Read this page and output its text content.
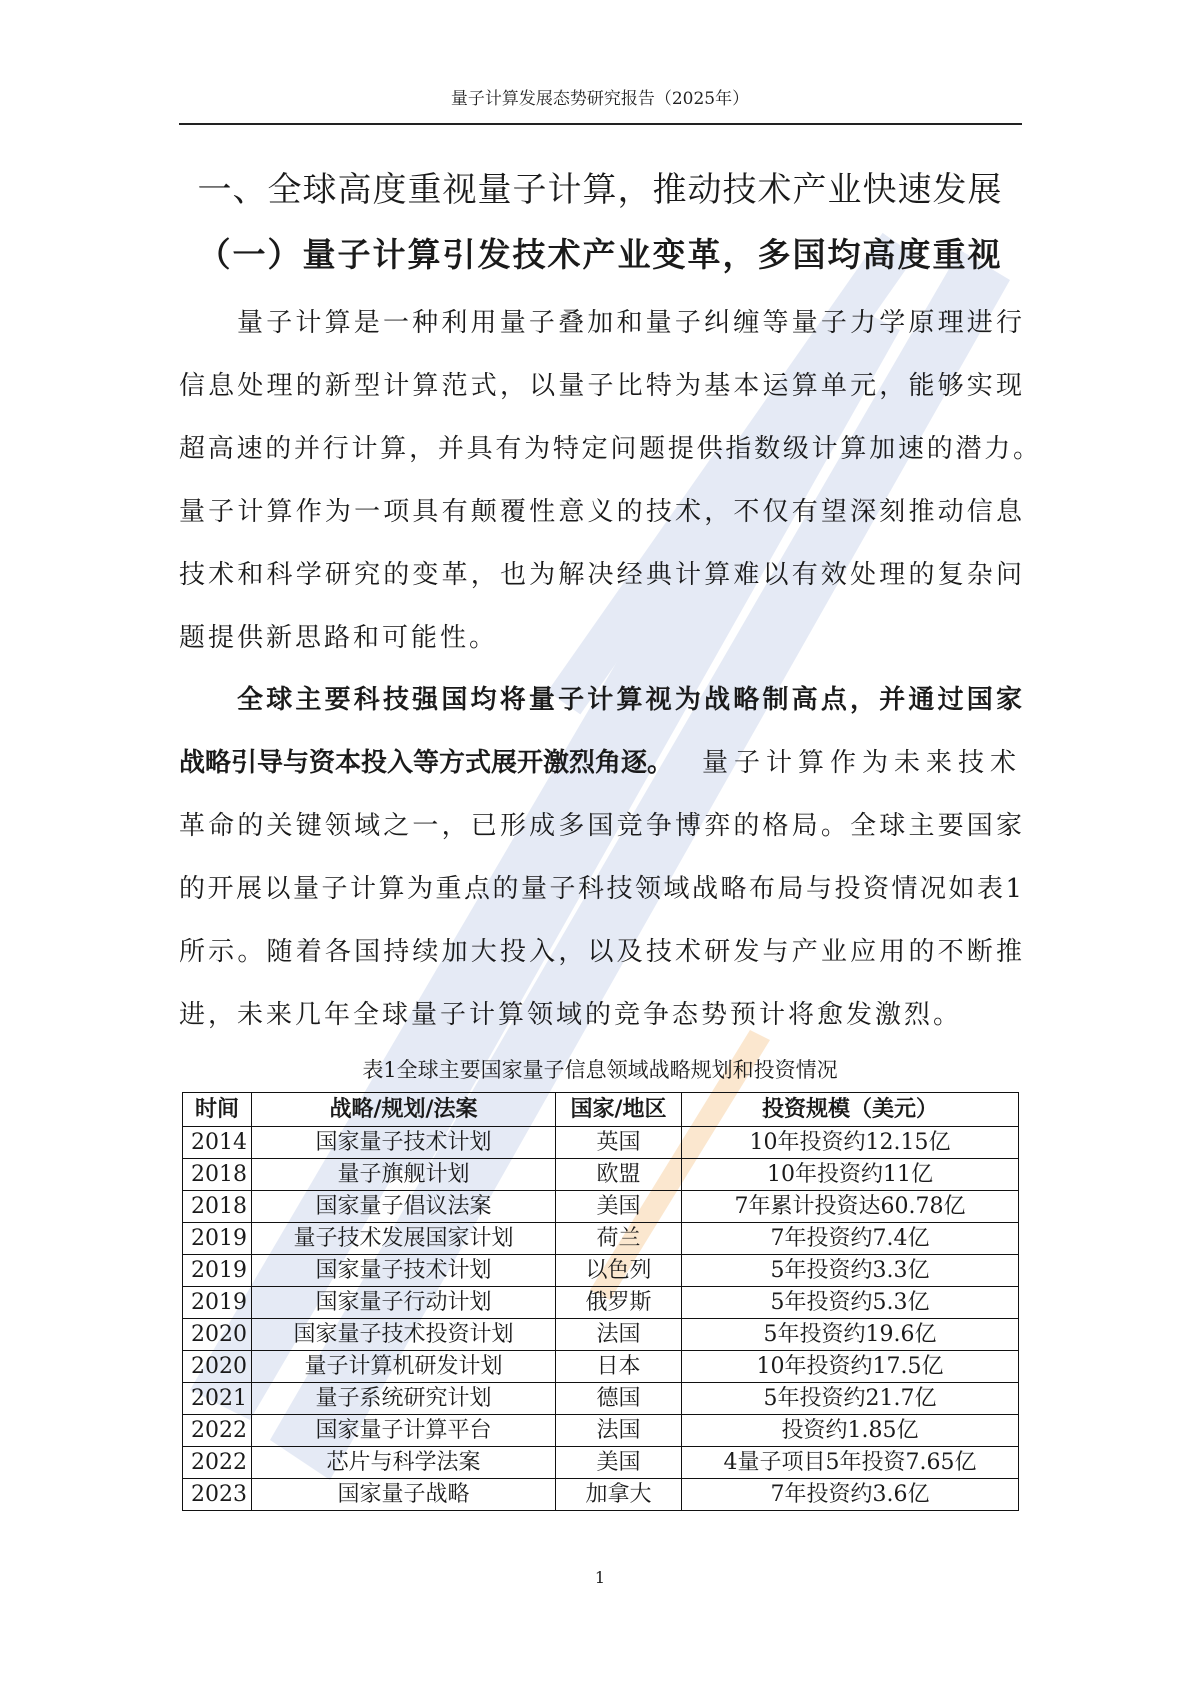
量子计算发展态势研究报告（2025年）
一、全球高度重视量子计算，推动技术产业快速发展
（一）量子计算引发技术产业变革，多国均高度重视
量子计算是一种利用量子叠加和量子纠缠等量子力学原理进行
信息处理的新型计算范式，以量子比特为基本运算单元，能够实现
超高速的并行计算，并具有为特定问题提供指数级计算加速的潜力。
量子计算作为一项具有颠覆性意义的技术，不仅有望深刻推动信息
技术和科学研究的变革，也为解决经典计算难以有效处理的复杂问
题提供新思路和可能性。
全球主要科技强国均将量子计算视为战略制高点，并通过国家
战略引导与资本投入等方式展开激烈角逐。 量子计算作为未来技术
革命的关键领域之一，已形成多国竞争博弈的格局。全球主要国家
的开展以量子计算为重点的量子科技领域战略布局与投资情况如表1
所示。随着各国持续加大投入，以及技术研发与产业应用的不断推
进，未来几年全球量子计算领域的竞争态势预计将愈发激烈。
表1全球主要国家量子信息领域战略规划和投资情况
时间	战略/规划/法案	国家/地区	投资规模（美元）
2014	国家量子技术计划	英国	10年投资约12.15亿
2018	量子旗舰计划	欧盟	10年投资约11亿
2018	国家量子倡议法案	美国	7年累计投资达60.78亿
2019	量子技术发展国家计划	荷兰	7年投资约7.4亿
2019	国家量子技术计划	以色列	5年投资约3.3亿
2019	国家量子行动计划	俄罗斯	5年投资约5.3亿
2020	国家量子技术投资计划	法国	5年投资约19.6亿
2020	量子计算机研发计划	日本	10年投资约17.5亿
2021	量子系统研究计划	德国	5年投资约21.7亿
2022	国家量子计算平台	法国	投资约1.85亿
2022	芯片与科学法案	美国	4量子项目5年投资7.65亿
2023	国家量子战略	加拿大	7年投资约3.6亿
1
